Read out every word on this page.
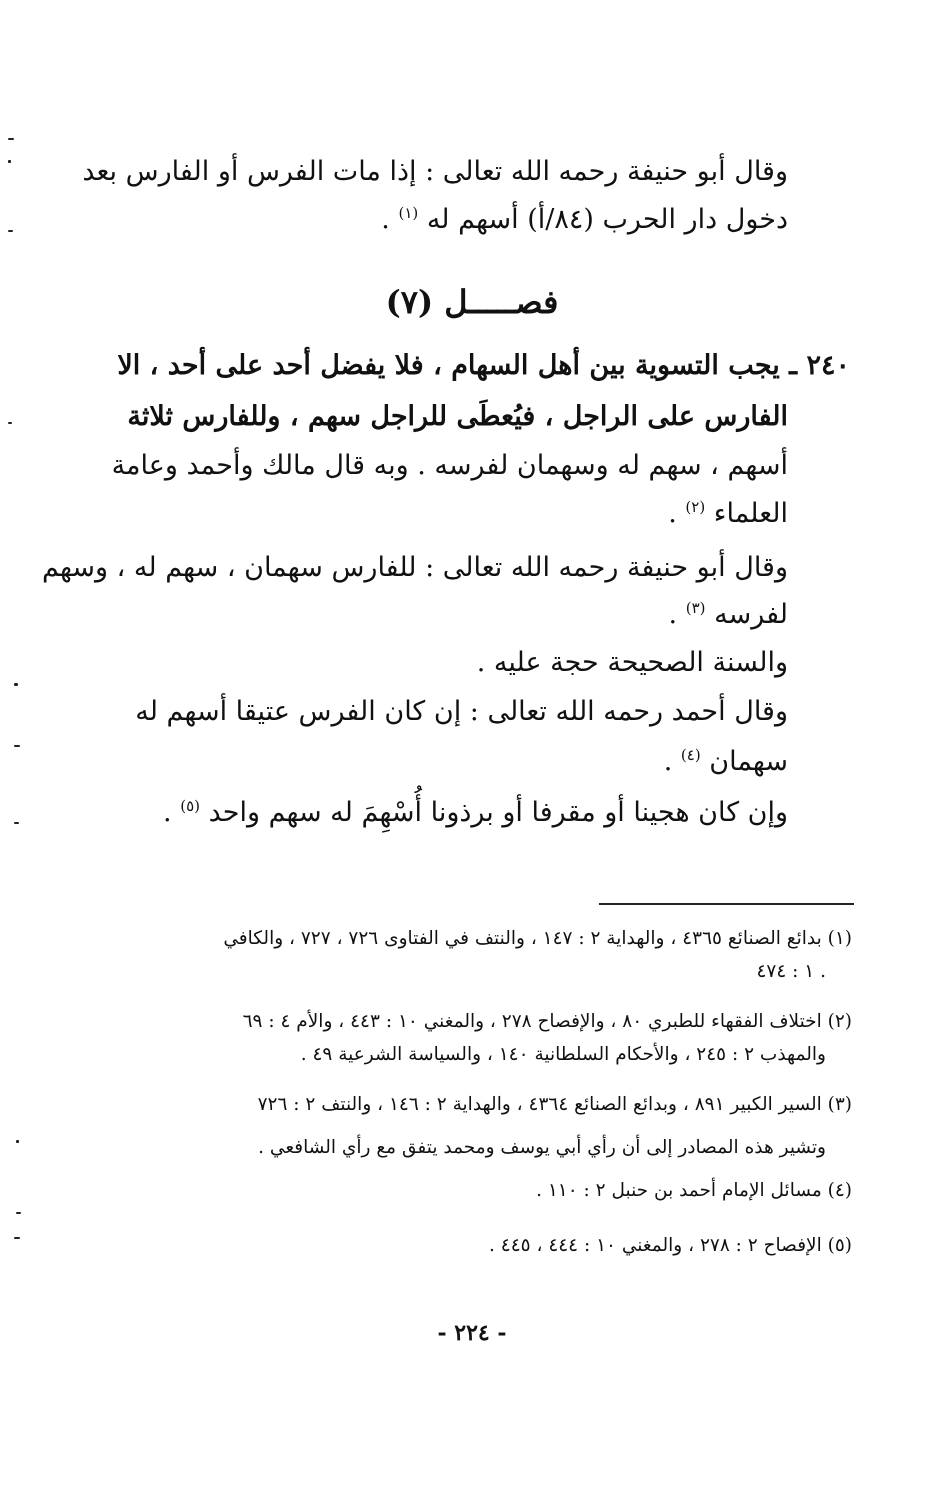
وقال أبو حنيفة رحمه الله تعالى : إذا مات الفرس أو الفارس بعد
دخول دار الحرب (٨٤/أ) أسهم له $^{(١)}$ .
فصـــــل (٧)
٢٤٠ ـ يجب التسوية بين أهل السهام ، فلا يفضل أحد على أحد ، الا
الفارس على الراجل ، فيُعطَى للراجل سهم ، وللفارس ثلاثة
أسهم ، سهم له وسهمان لفرسه . وبه قال مالك وأحمد وعامة
العلماء $^{(٢)}$ .
وقال أبو حنيفة رحمه الله تعالى : للفارس سهمان ، سهم له ، وسهم
لفرسه $^{(٣)}$ .
والسنة الصحيحة حجة عليه .
وقال أحمد رحمه الله تعالى : إن كان الفرس عتيقا أسهم له
سهمان $^{(٤)}$ .
وإن كان هجينا أو مقرفا أو برذونا أُسْهِمَ له سهم واحد $^{(٥)}$ .
(١) بدائع الصنائع ٤٣٦٥ ، والهداية ٢ : ١٤٧ ، والنتف في الفتاوى ٧٢٦ ، ٧٢٧ ، والكافي
١ : ٤٧٤ .
(٢) اختلاف الفقهاء للطبري ٨٠ ، والإفصاح ٢٧٨ ، والمغني ١٠ : ٤٤٣ ، والأم ٤ : ٦٩
والمهذب ٢ : ٢٤٥ ، والأحكام السلطانية ١٤٠ ، والسياسة الشرعية ٤٩ .
(٣) السير الكبير ٨٩١ ، وبدائع الصنائع ٤٣٦٤ ، والهداية ٢ : ١٤٦ ، والنتف ٢ : ٧٢٦
وتشير هذه المصادر إلى أن رأي أبي يوسف ومحمد يتفق مع رأي الشافعي .
(٤) مسائل الإمام أحمد بن حنبل ٢ : ١١٠ .
(٥) الإفصاح ٢ : ٢٧٨ ، والمغني ١٠ : ٤٤٤ ، ٤٤٥ .
- ٢٢٤ -
